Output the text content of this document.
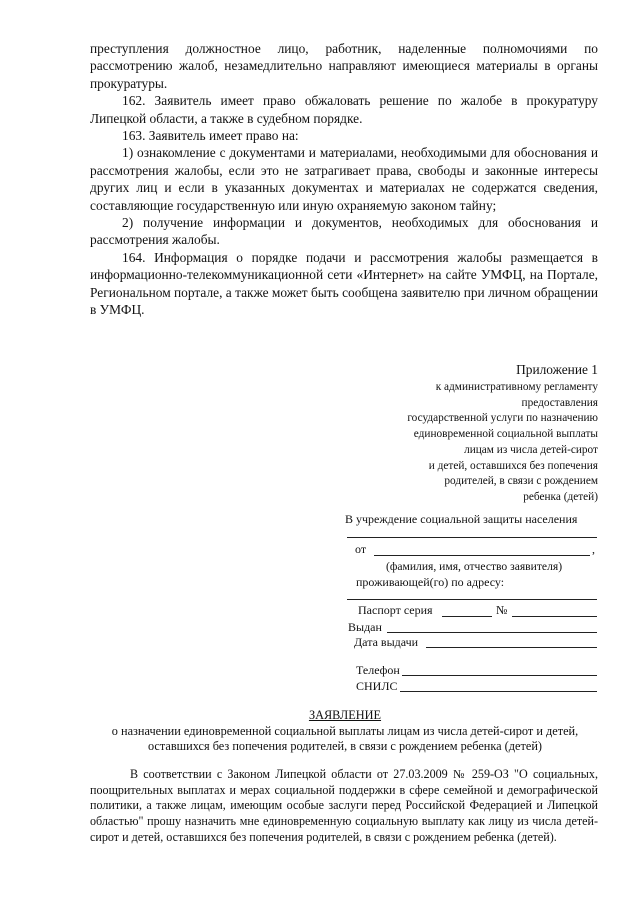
преступления должностное лицо, работник, наделенные полномочиями по рассмотрению жалоб, незамедлительно направляют имеющиеся материалы в органы прокуратуры.

162. Заявитель имеет право обжаловать решение по жалобе в прокуратуру Липецкой области, а также в судебном порядке.

163. Заявитель имеет право на:

1) ознакомление с документами и материалами, необходимыми для обоснования и рассмотрения жалобы, если это не затрагивает права, свободы и законные интересы других лиц и если в указанных документах и материалах не содержатся сведения, составляющие государственную или иную охраняемую законом тайну;

2) получение информации и документов, необходимых для обоснования и рассмотрения жалобы.

164. Информация о порядке подачи и рассмотрения жалобы размещается в информационно-телекоммуникационной сети «Интернет» на сайте УМФЦ, на Портале, Региональном портале, а также может быть сообщена заявителю при личном обращении в УМФЦ.

Приложение 1
к административному регламенту
предоставления
государственной услуги по назначению
единовременной социальной выплаты
лицам из числа детей-сирот
и детей, оставшихся без попечения
родителей, в связи с рождением
ребенка (детей)
В учреждение социальной защиты населения
от	,
(фамилия, имя, отчество заявителя)
проживающей(го) по адресу:
Паспорт серия	№
Выдан
Дата выдачи
Телефон
СНИЛС
ЗАЯВЛЕНИЕ
о назначении единовременной социальной выплаты лицам из числа детей-сирот и детей,
оставшихся без попечения родителей, в связи с рождением ребенка (детей)

В соответствии с Законом Липецкой области от 27.03.2009 № 259-ОЗ "О социальных, поощрительных выплатах и мерах социальной поддержки в сфере семейной и демографической политики, а также лицам, имеющим особые заслуги перед Российской Федерацией и Липецкой областью" прошу назначить мне единовременную социальную выплату как лицу из числа детей-сирот и детей, оставшихся без попечения родителей, в связи с рождением ребенка (детей).
